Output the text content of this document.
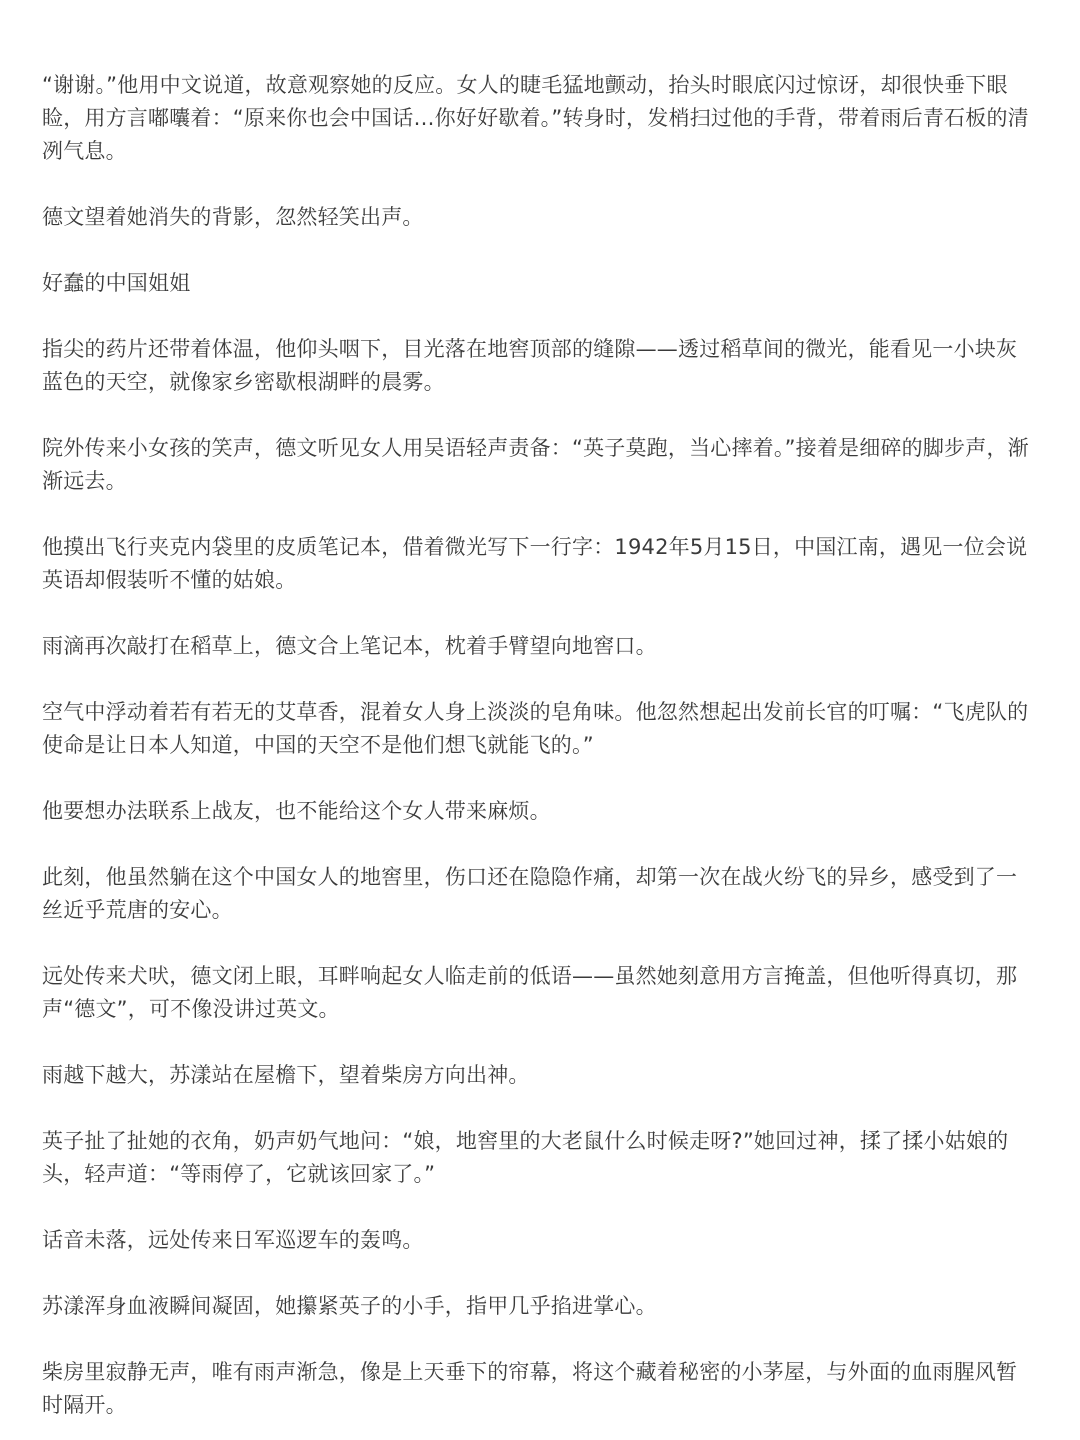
“谢谢。”他用中文说道，故意观察她的反应。女人的睫毛猛地颤动，抬头时眼底闪过惊讶，却很快垂下眼睑，用方言嘟囔着：“原来你也会中国话…你好好歇着。”转身时，发梢扫过他的手背，带着雨后青石板的清冽气息。

德文望着她消失的背影，忽然轻笑出声。

好蠢的中国姐姐

指尖的药片还带着体温，他仰头咽下，目光落在地窖顶部的缝隙——透过稻草间的微光，能看见一小块灰蓝色的天空，就像家乡密歇根湖畔的晨雾。

院外传来小女孩的笑声，德文听见女人用吴语轻声责备：“英子莫跑，当心摔着。”接着是细碎的脚步声，渐渐远去。

他摸出飞行夹克内袋里的皮质笔记本，借着微光写下一行字：1942年5月15日，中国江南，遇见一位会说英语却假装听不懂的姑娘。

雨滴再次敲打在稻草上，德文合上笔记本，枕着手臂望向地窖口。

空气中浮动着若有若无的艾草香，混着女人身上淡淡的皂角味。他忽然想起出发前长官的叮嘱：“飞虎队的使命是让日本人知道，中国的天空不是他们想飞就能飞的。”

他要想办法联系上战友，也不能给这个女人带来麻烦。

此刻，他虽然躺在这个中国女人的地窖里，伤口还在隐隐作痛，却第一次在战火纷飞的异乡，感受到了一丝近乎荒唐的安心。

远处传来犬吠，德文闭上眼，耳畔响起女人临走前的低语——虽然她刻意用方言掩盖，但他听得真切，那声“德文”，可不像没讲过英文。

雨越下越大，苏漾站在屋檐下，望着柴房方向出神。

英子扯了扯她的衣角，奶声奶气地问：“娘，地窖里的大老鼠什么时候走呀?”她回过神，揉了揉小姑娘的头，轻声道：“等雨停了，它就该回家了。”

话音未落，远处传来日军巡逻车的轰鸣。

苏漾浑身血液瞬间凝固，她攥紧英子的小手，指甲几乎掐进掌心。

柴房里寂静无声，唯有雨声渐急，像是上天垂下的帘幕，将这个藏着秘密的小茅屋，与外面的血雨腥风暂时隔开。
